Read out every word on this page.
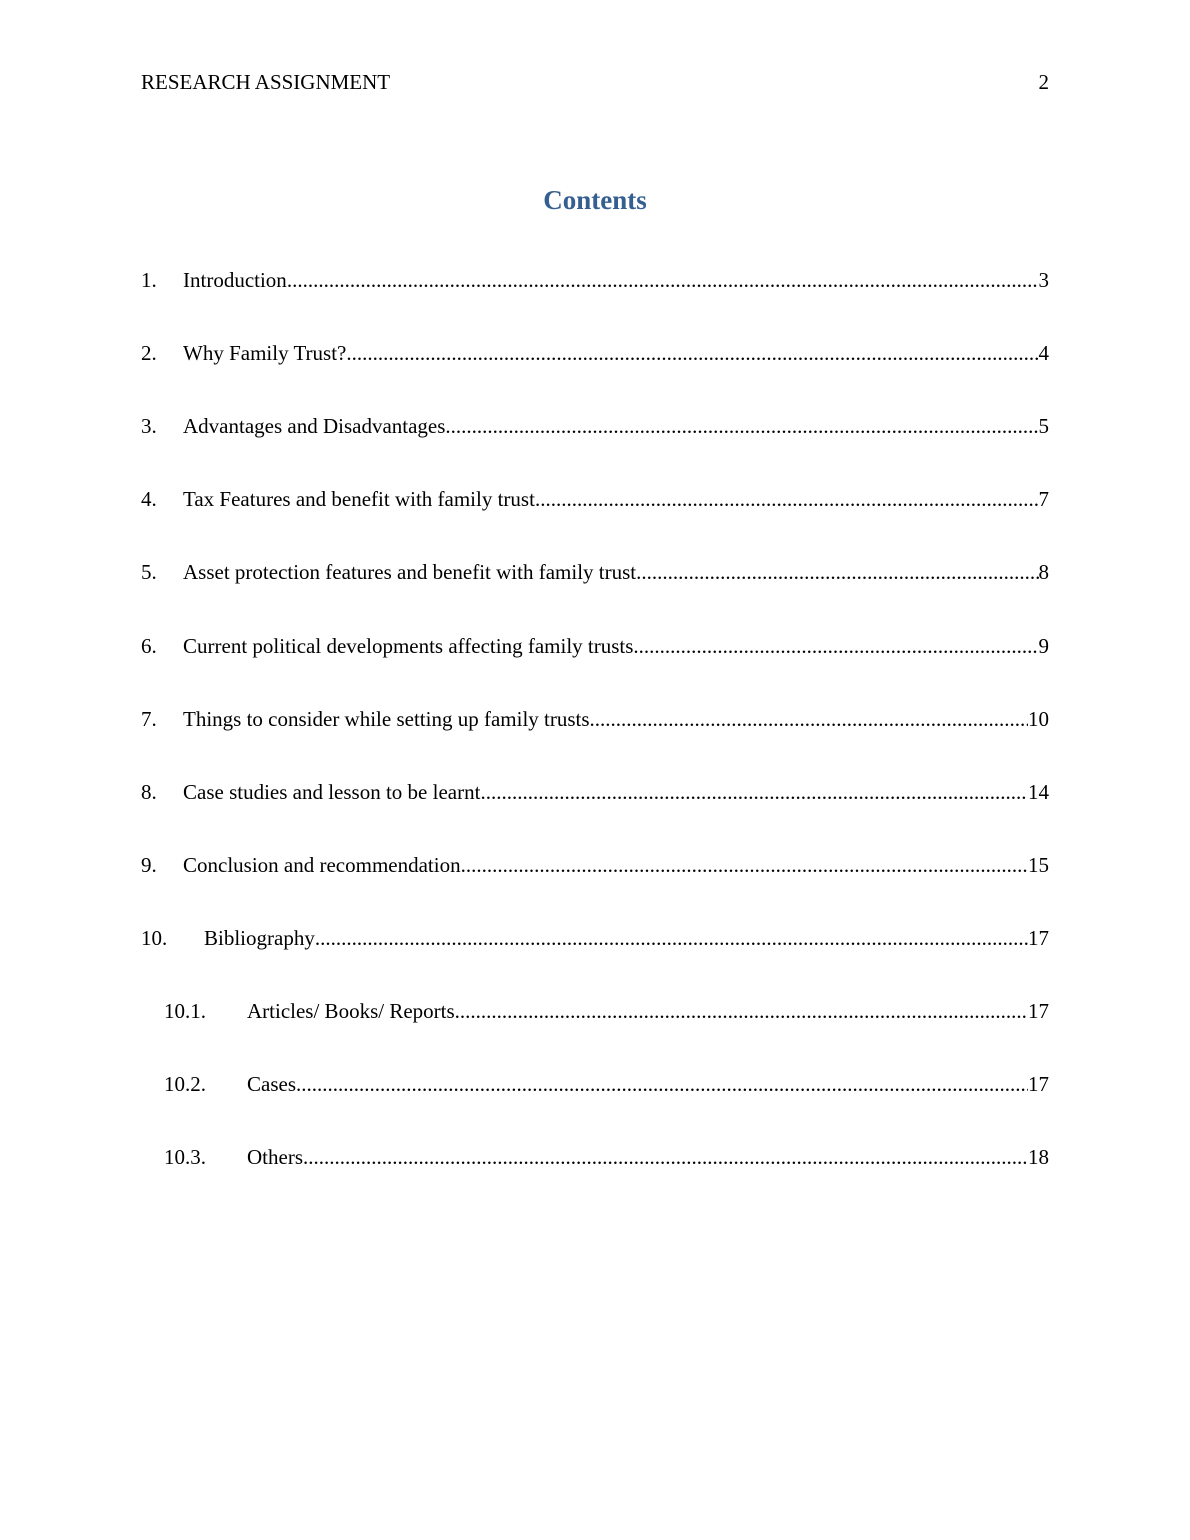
RESEARCH ASSIGNMENT	2
Contents
1.	Introduction .....	3
2.	Why Family Trust? .....	4
3.	Advantages and Disadvantages .....	5
4.	Tax Features and benefit with family trust .....	7
5.	Asset protection features and benefit with family trust .....	8
6.	Current political developments affecting family trusts .....	9
7.	Things to consider while setting up family trusts .....	10
8.	Case studies and lesson to be learnt .....	14
9.	Conclusion and recommendation .....	15
10.	Bibliography .....	17
10.1.	Articles/ Books/ Reports .....	17
10.2.	Cases .....	17
10.3.	Others .....	18
